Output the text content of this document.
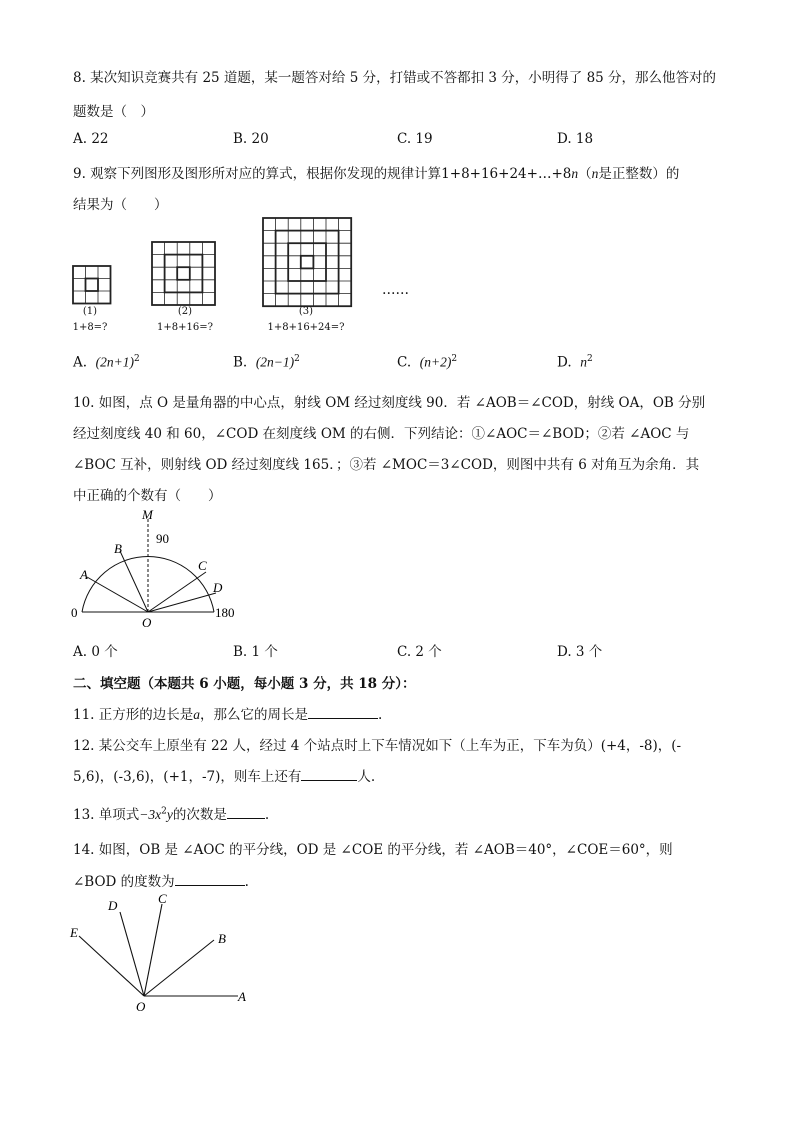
8. 某次知识竞赛共有 25 道题，某一题答对给 5 分，打错或不答都扣 3 分，小明得了 85 分，那么他答对的
题数是（　）
A. 22	B. 20	C. 19	D. 18
9. 观察下列图形及图形所对应的算式，根据你发现的规律计算1+8+16+24+…+8n（n是正整数）的
结果为（　　）
(1)
1+8=?
(2)
1+8+16=?
(3)
1+8+16+24=?
……
A. $(2n+1)^2$	B. $(2n-1)^2$	C. $(n+2)^2$	D. $n^2$
10. 如图，点 O 是量角器的中心点，射线 OM 经过刻度线 90．若 ∠AOB＝∠COD，射线 OA，OB 分别
经过刻度线 40 和 60，∠COD 在刻度线 OM 的右侧．下列结论：①∠AOC＝∠BOD；②若 ∠AOC 与
∠BOC 互补，则射线 OD 经过刻度线 165．；③若 ∠MOC＝3∠COD，则图中共有 6 对角互为余角．其
中正确的个数有（　　）
M
90
B
A
C
D
0	180
O
A. 0 个	B. 1 个	C. 2 个	D. 3 个
二、填空题（本题共 6 小题，每小题 3 分，共 18 分）：
11. 正方形的边长是a，那么它的周长是	.
12. 某公交车上原坐有 22 人，经过 4 个站点时上下车情况如下（上车为正，下车为负）(+4，-8)，(-
5,6)，(-3,6)，(+1，-7)，则车上还有	人.
13. 单项式$-3x^2y$的次数是	.
14. 如图，OB 是 ∠AOC 的平分线，OD 是 ∠COE 的平分线，若 ∠AOB＝40°，∠COE＝60°，则
∠BOD 的度数为	.
D	C
E	B
O
A
